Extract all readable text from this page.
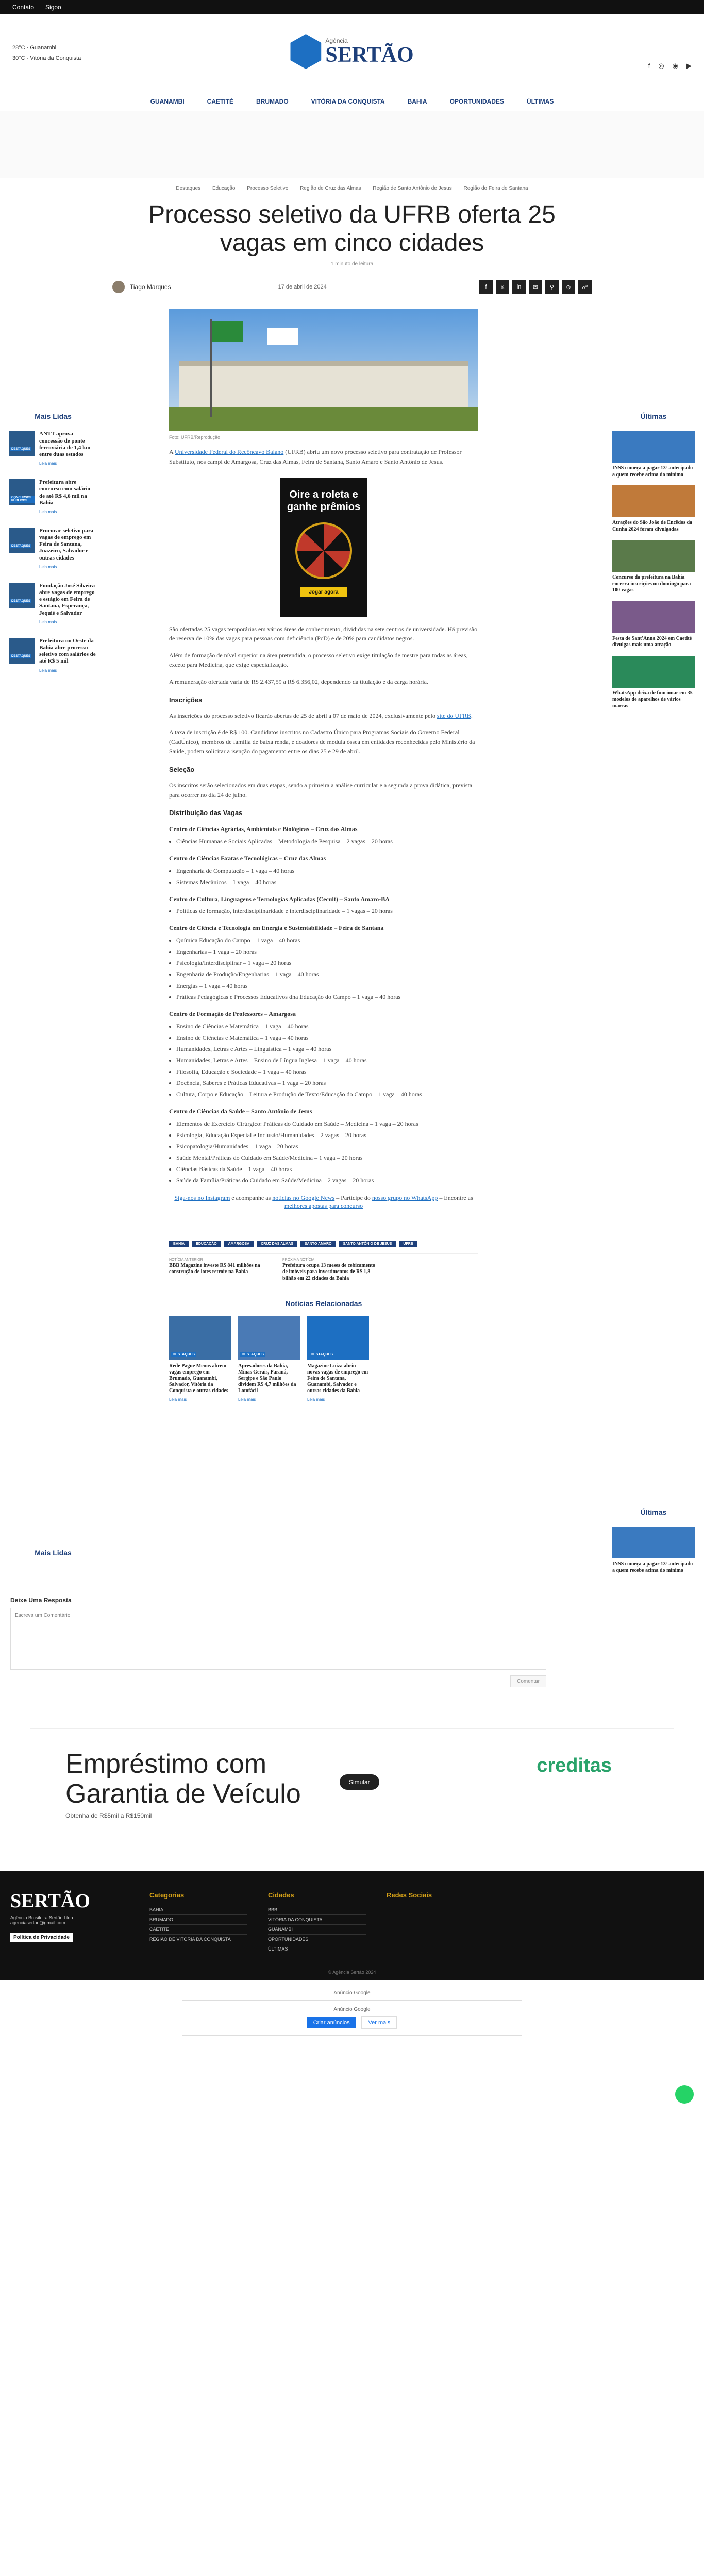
Contato Sigoo
28°C · Guanambi
30°C · Vitória da Conquista
Agência
SERTÃO	f ◎ ◉ ▶
GUANAMBI	CAETITÉ	BRUMADO	VITÓRIA DA CONQUISTA	BAHIA	OPORTUNIDADES	ÚLTIMAS
Destaques Educação Processo Seletivo Região de Cruz das Almas Região de Santo Antônio de Jesus Região do Feira de Santana
Processo seletivo da UFRB oferta 25 vagas em cinco cidades
1 minuto de leitura
Tiago Marques	17 de abril de 2024	f	𝕏	in	✉	⚲	⊙	☍
Mais Lidas
DESTAQUES
ANTT aprova concessão de ponte ferroviária de 1,4 km entre duas estados

Leia mais

CONCURSOS PÚBLICOS
Prefeitura abre concurso com salário de até R$ 4,6 mil na Bahia

Leia mais

DESTAQUES
Procurar seletivo para vagas de emprego em Feira de Santana, Juazeiro, Salvador e outras cidades

Leia mais

DESTAQUES
Fundação José Silveira abre vagas de emprego e estágio em Feira de Santana, Esperança, Jequié e Salvador

Leia mais

DESTAQUES
Prefeitura no Oeste da Bahia abre processo seletivo com salários de até R$ 5 mil

Leia mais

Mais Lidas
Foto: UFRB/Reprodução

A Universidade Federal do Recôncavo Baiano (UFRB) abriu um novo processo seletivo para contratação de Professor Substituto, nos campi de Amargosa, Cruz das Almas, Feira de Santana, Santo Amaro e Santo Antônio de Jesus.

Oire a roleta e ganhe prêmios
Jogar agora

São ofertadas 25 vagas temporárias em vários áreas de conhecimento, divididas na sete centros de universidade. Há previsão de reserva de 10% das vagas para pessoas com deficiência (PcD) e de 20% para candidatos negros.

Além de formação de nível superior na área pretendida, o processo seletivo exige titulação de mestre para todas as áreas, exceto para Medicina, que exige especialização.

A remuneração ofertada varia de R$ 2.437,59 a R$ 6.356,02, dependendo da titulação e da carga horária.

Inscrições

As inscrições do processo seletivo ficarão abertas de 25 de abril a 07 de maio de 2024, exclusivamente pelo site do UFRB.

A taxa de inscrição é de R$ 100. Candidatos inscritos no Cadastro Único para Programas Sociais do Governo Federal (CadÚnico), membros de família de baixa renda, e doadores de medula óssea em entidades reconhecidas pelo Ministério da Saúde, podem solicitar a isenção do pagamento entre os dias 25 e 29 de abril.

Seleção

Os inscritos serão selecionados em duas etapas, sendo a primeira a análise curricular e a segunda a prova didática, prevista para ocorrer no dia 24 de julho.

Distribuição das Vagas
Centro de Ciências Agrárias, Ambientais e Biológicas – Cruz das Almas
• Ciências Humanas e Sociais Aplicadas – Metodologia de Pesquisa – 2 vagas – 20 horas
Centro de Ciências Exatas e Tecnológicas – Cruz das Almas
• Engenharia de Computação – 1 vaga – 40 horas
• Sistemas Mecânicos – 1 vaga – 40 horas
Centro de Cultura, Linguagens e Tecnologias Aplicadas (Cecult) – Santo Amaro-BA
• Políticas de formação, interdisciplinaridade e interdisciplinaridade – 1 vagas – 20 horas
Centro de Ciência e Tecnologia em Energia e Sustentabilidade – Feira de Santana
• Química Educação do Campo – 1 vaga – 40 horas
• Engenharias – 1 vaga – 20 horas
• Psicologia/Interdisciplinar – 1 vaga – 20 horas
• Engenharia de Produção/Engenharias – 1 vaga – 40 horas
• Energias – 1 vaga – 40 horas
• Práticas Pedagógicas e Processos Educativos dna Educação do Campo – 1 vaga – 40 horas
Centro de Formação de Professores – Amargosa
• Ensino de Ciências e Matemática – 1 vaga – 40 horas
• Ensino de Ciências e Matemática – 1 vaga – 40 horas
• Humanidades, Letras e Artes – Linguística – 1 vaga – 40 horas
• Humanidades, Letras e Artes – Ensino de Língua Inglesa – 1 vaga – 40 horas
• Filosofia, Educação e Sociedade – 1 vaga – 40 horas
• Docência, Saberes e Práticas Educativas – 1 vaga – 20 horas
• Cultura, Corpo e Educação – Leitura e Produção de Texto/Educação do Campo – 1 vaga – 40 horas
Centro de Ciências da Saúde – Santo Antônio de Jesus
• Elementos de Exercício Cirúrgico: Práticas do Cuidado em Saúde – Medicina – 1 vaga – 20 horas
• Psicologia, Educação Especial e Inclusão/Humanidades – 2 vagas – 20 horas
• Psicopatologia/Humanidades – 1 vaga – 20 horas
• Saúde Mental/Práticas do Cuidado em Saúde/Medicina – 1 vaga – 20 horas
• Ciências Básicas da Saúde – 1 vaga – 40 horas
• Saúde da Família/Práticas do Cuidado em Saúde/Medicina – 2 vagas – 20 horas
Siga-nos no Instagram e acompanhe as notícias no Google News – Participe do nosso grupo no WhatsApp – Encontre as melhores apostas para concurso
BAHIA	EDUCAÇÃO	AMARGOSA	CRUZ DAS ALMAS	SANTO AMARO	SANTO ANTÔNIO DE JESUS	UFRB
NOTÍCIA ANTERIOR
BBB Magazine investe R$ 841 milhões na construção de lotes retroiv na Bahia
PRÓXIMA NOTÍCIA
Prefeitura ocupa 13 meses de cebicamento de imóveis para investimentos de R$ 1,8 bilhão em 22 cidades da Bahia
Notícias Relacionadas
DESTAQUES
Rede Pague Menos abrem vagas emprego em Brumado, Guanambi, Salvador, Vitória da Conquista e outras cidades

Leia mais

DESTAQUES
Apresadores da Bahia, Minas Gerais, Paraná, Sergipe e São Paulo dividem R$ 4,7 milhões da Lotofácil

Leia mais

DESTAQUES
Magazine Luiza abriu novas vagas de emprego em Feira de Santana, Guanambi, Salvador e outras cidades da Bahia

Leia mais

Últimas
INSS começa a pagar 13º antecipado a quem recebe acima do mínimo
Atrações do São João de Encêdos da Cunha 2024 foram divulgadas
Concurso da prefeitura na Bahia encerra inscrições no domingo para 100 vagas
Festa de Sant'Anna 2024 em Caetité divulgas mais uma atração
WhatsApp deixa de funcionar em 35 modelos de aparelhos de vários marcas
Últimas
INSS começa a pagar 13º antecipado a quem recebe acima do mínimo
Deixe Uma Resposta
Escreva um Comentário
Comentar
Empréstimo com Garantia de Veículo
Obtenha de R$5mil a R$150mil
Simular
creditas
SERTÃO

Agência Brasileira Sertão Ltda

agenciasertao@gmail.com

Política de Privacidade
Categorias
BAHIA
BRUMADO
CAETITÉ
REGIÃO DE VITÓRIA DA CONQUISTA
Cidades
BBB
VITÓRIA DA CONQUISTA
GUANAMBI
OPORTUNIDADES
ÚLTIMAS
Redes Sociais
© Agência Sertão 2024
Anúncio Google
Anúncio Google
Criar anúncios	Ver mais
